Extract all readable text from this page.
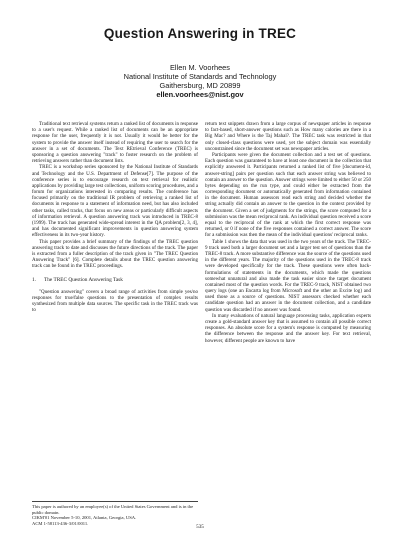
Question Answering in TREC
Ellen M. Voorhees
National Institute of Standards and Technology
Gaithersburg, MD 20899
ellen.voorhees@nist.gov

Traditional text retrieval systems return a ranked list of documents in response to a user's request. While a ranked list of documents can be an appropriate response for the user, frequently it is not. Usually it would be better for the system to provide the answer itself instead of requiring the user to search for the answer in a set of documents. The Text REtrieval Conference (TREC) is sponsoring a question answering "track" to foster research on the problem of retrieving answers rather than document lists.

TREC is a workshop series sponsored by the National Institute of Standards and Technology and the U.S. Department of Defense[7]. The purpose of the conference series is to encourage research on text retrieval for realistic applications by providing large test collections, uniform scoring procedures, and a forum for organizations interested in comparing results. The conference has focused primarily on the traditional IR problem of retrieving a ranked list of documents in response to a statement of information need, but has also included other tasks, called tracks, that focus on new areas or particularly difficult aspects of information retrieval. A question answering track was introduced in TREC-8 (1999). The track has generated wide-spread interest in the QA problem[2, 3, 4], and has documented significant improvements in question answering system effectiveness in its two-year history.

This paper provides a brief summary of the findings of the TREC question answering track to date and discusses the future directions of the track. The paper is extracted from a fuller description of the track given in "The TREC Question Answering Track" [6]. Complete details about the TREC question answering track can be found in the TREC proceedings.

1. The TREC Question Answering Task

"Question answering" covers a broad range of activities from simple yes/no responses for true/false questions to the presentation of complex results synthesized from multiple data sources. The specific task in the TREC track was to

return text snippets drawn from a large corpus of newspaper articles in response to fact-based, short-answer questions such as How many calories are there in a Big Mac? and Where is the Taj Mahal?. The TREC task was restricted in that only closed-class questions were used, yet the subject domain was essentially unconstrained since the document set was newspaper articles.

Participants were given the document collection and a test set of questions. Each question was guaranteed to have at least one document in the collection that explicitly answered it. Participants returned a ranked list of five [document-id, answer-string] pairs per question such that each answer string was believed to contain an answer to the question. Answer strings were limited to either 50 or 250 bytes depending on the run type, and could either be extracted from the corresponding document or automatically generated from information contained in the document. Human assessors read each string and decided whether the string actually did contain an answer to the question in the context provided by the document. Given a set of judgments for the strings, the score computed for a submission was the mean reciprocal rank. An individual question received a score equal to the reciprocal of the rank at which the first correct response was returned, or 0 if none of the five responses contained a correct answer. The score for a submission was then the mean of the individual questions' reciprocal ranks.

Table 1 shows the data that was used in the two years of the track. The TREC-9 track used both a larger document set and a larger test set of questions than the TREC-8 track. A more substantive difference was the source of the questions used in the different years. The majority of the questions used in the TREC-8 track were developed specifically for the track. These questions were often back-formulations of statements in the documents, which made the questions somewhat unnatural and also made the task easier since the target document contained most of the question words. For the TREC-9 track, NIST obtained two query logs (one an Encarta log from Microsoft and the other an Excite log) and used those as a source of questions. NIST assessors checked whether each candidate question had an answer in the document collection, and a candidate question was discarded if no answer was found.

In many evaluations of natural language processing tasks, application experts create a gold-standard answer key that is assumed to contain all possible correct responses. An absolute score for a system's response is computed by measuring the difference between the response and the answer key. For text retrieval, however, different people are known to have

This paper is authored by an employee(s) of the United States Government and is in the public domain.

CIKM'01 November 5-10, 2001, Atlanta, Georgia, USA.

ACM 1-58113-436-3/01/0011.

535
